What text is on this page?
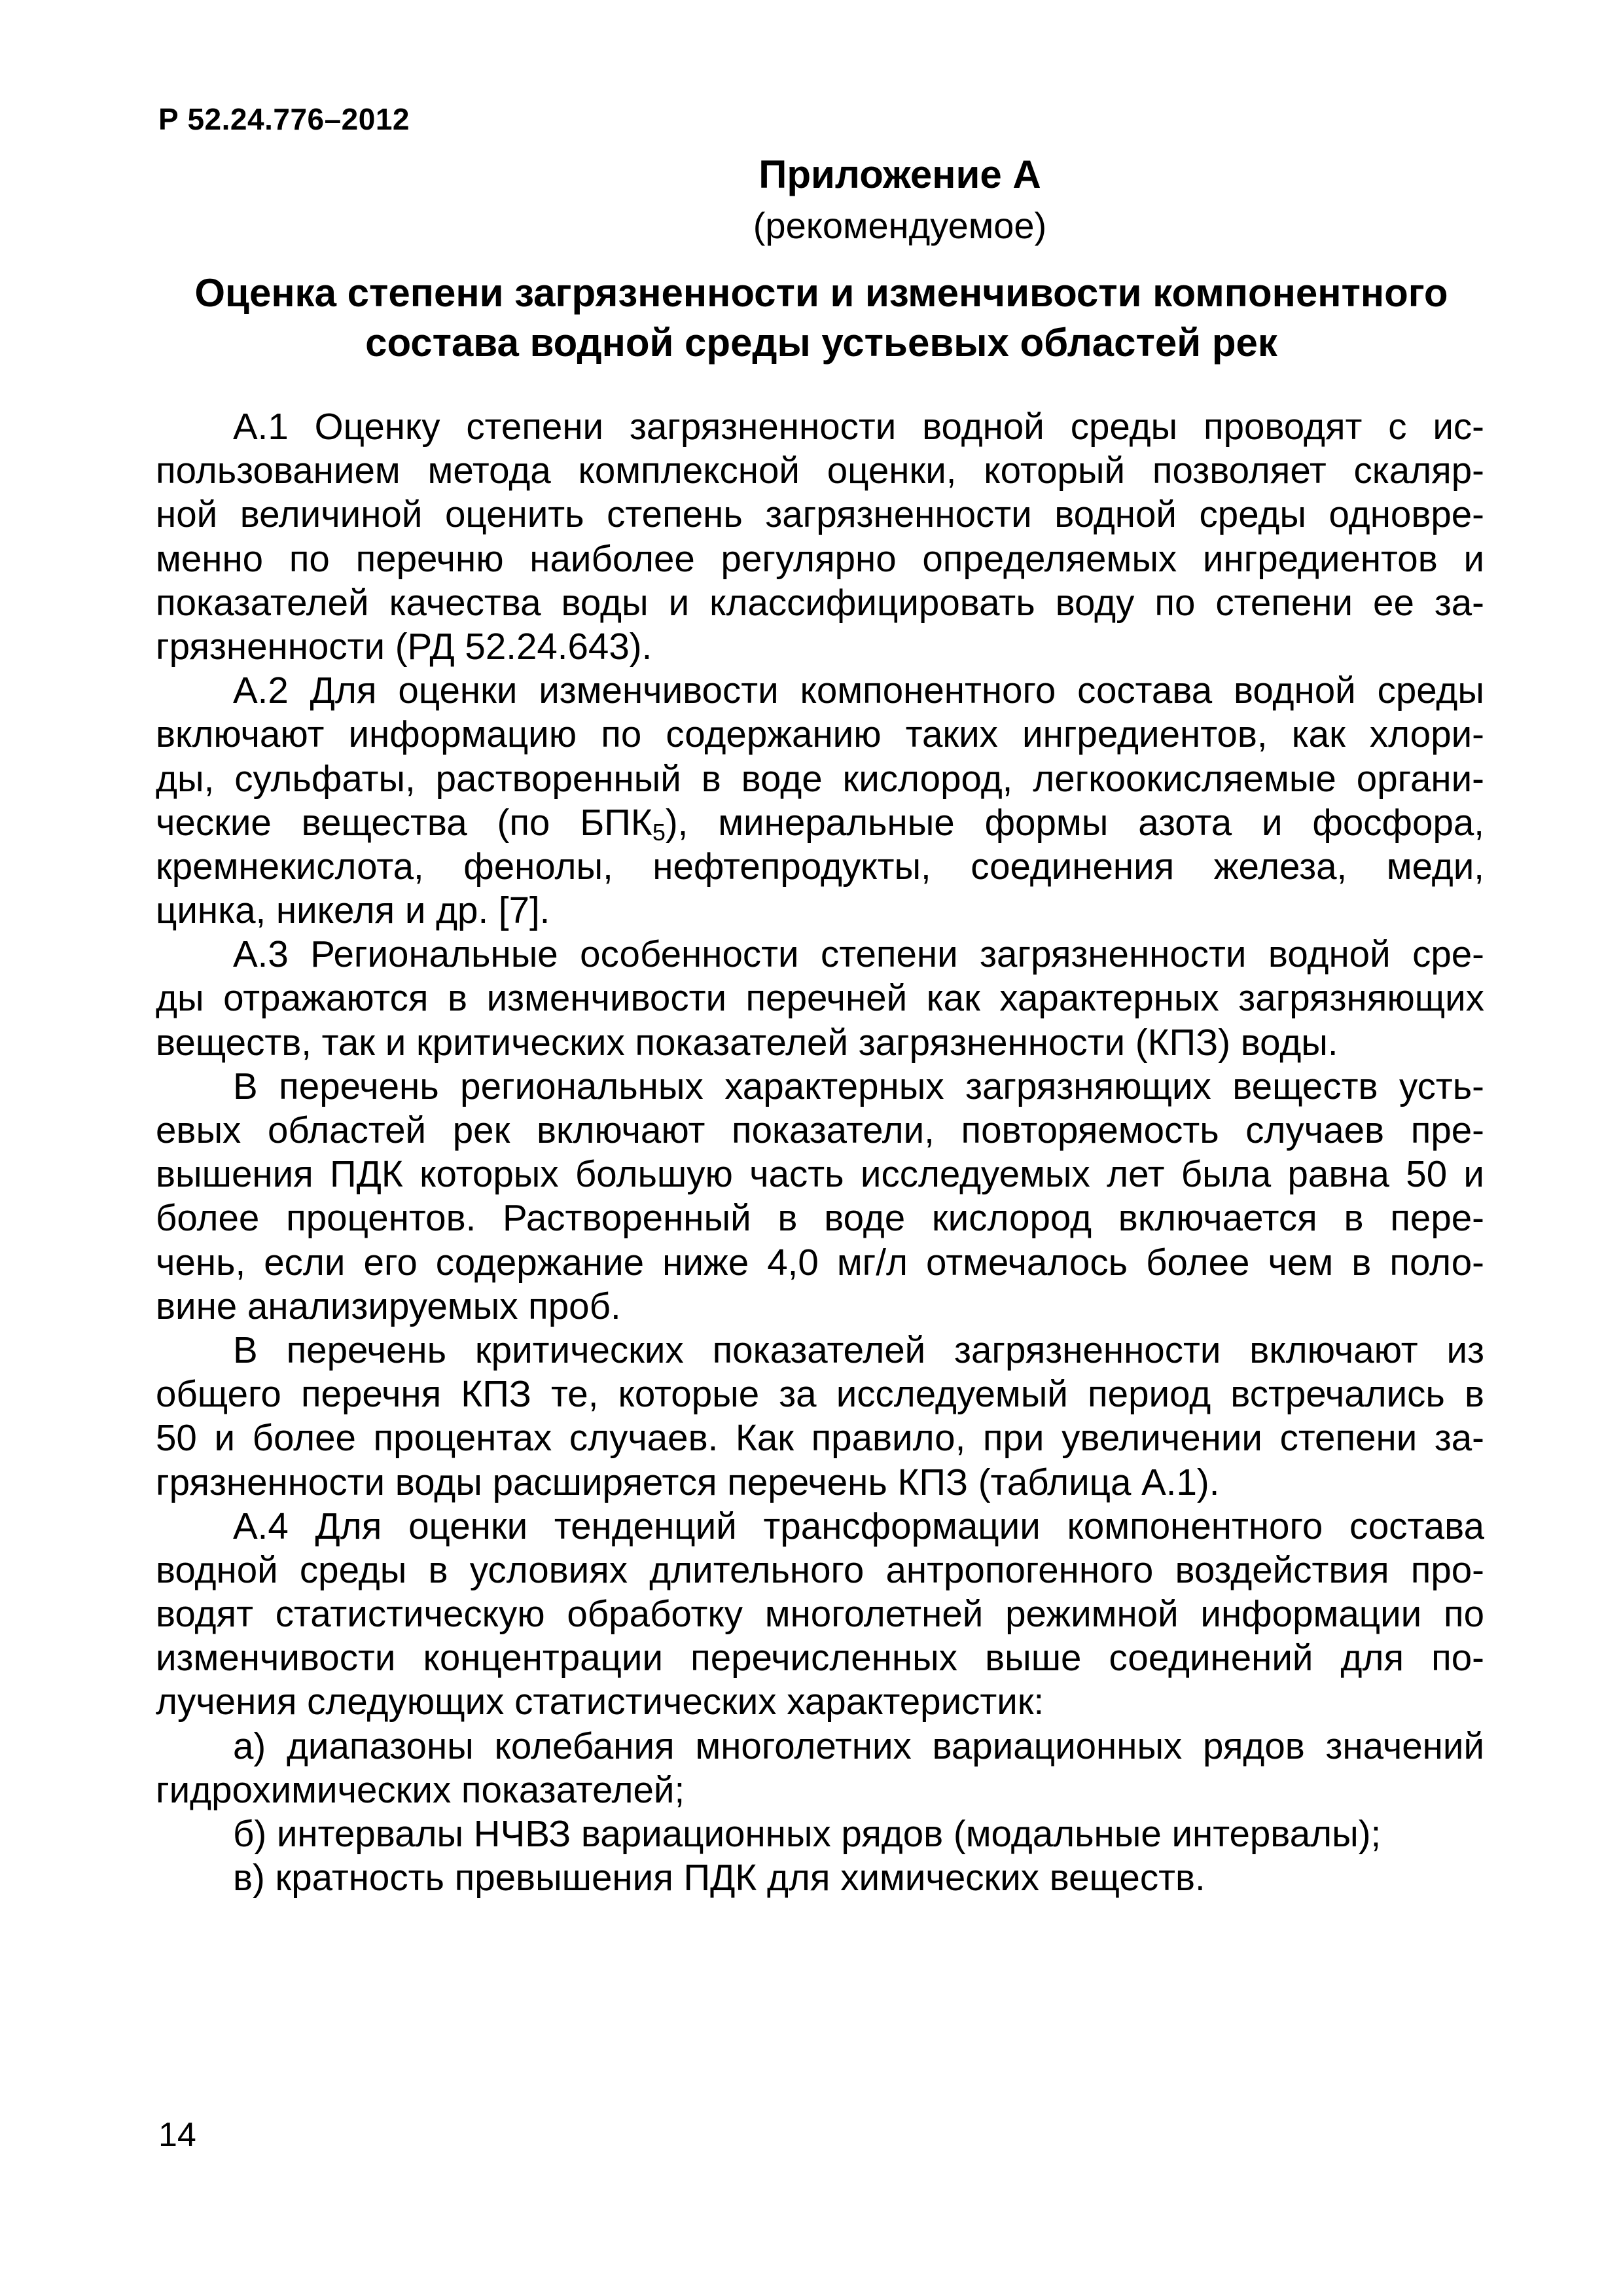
Р 52.24.776–2012
Приложение А
(рекомендуемое)
Оценка степени загрязненности и изменчивости компонентного
состава водной среды устьевых областей рек
А.1 Оценку степени загрязненности водной среды проводят с ис-
пользованием метода комплексной оценки, который позволяет скаляр-
ной величиной оценить степень загрязненности водной среды одновре-
менно по перечню наиболее регулярно определяемых ингредиентов и
показателей качества воды и классифицировать воду по степени ее за-
грязненности (РД 52.24.643).
А.2 Для оценки изменчивости компонентного состава водной среды
включают информацию по содержанию таких ингредиентов, как хлори-
ды, сульфаты, растворенный в воде кислород, легкоокисляемые органи-
ческие вещества (по $БПК_5$), минеральные формы азота и фосфора,
кремнекислота, фенолы, нефтепродукты, соединения железа, меди,
цинка, никеля и др. [7].
А.3 Региональные особенности степени загрязненности водной сре-
ды отражаются в изменчивости перечней как характерных загрязняющих
веществ, так и критических показателей загрязненности (КПЗ) воды.
В перечень региональных характерных загрязняющих веществ усть-
евых областей рек включают показатели, повторяемость случаев пре-
вышения ПДК которых большую часть исследуемых лет была равна 50 и
более процентов. Растворенный в воде кислород включается в пере-
чень, если его содержание ниже 4,0 мг/л отмечалось более чем в поло-
вине анализируемых проб.
В перечень критических показателей загрязненности включают из
общего перечня КПЗ те, которые за исследуемый период встречались в
50 и более процентах случаев. Как правило, при увеличении степени за-
грязненности воды расширяется перечень КПЗ (таблица А.1).
А.4 Для оценки тенденций трансформации компонентного состава
водной среды в условиях длительного антропогенного воздействия про-
водят статистическую обработку многолетней режимной информации по
изменчивости концентрации перечисленных выше соединений для по-
лучения следующих статистических характеристик:
а) диапазоны колебания многолетних вариационных рядов значений
гидрохимических показателей;
б) интервалы НЧВЗ вариационных рядов (модальные интервалы);
в) кратность превышения ПДК для химических веществ.
14
